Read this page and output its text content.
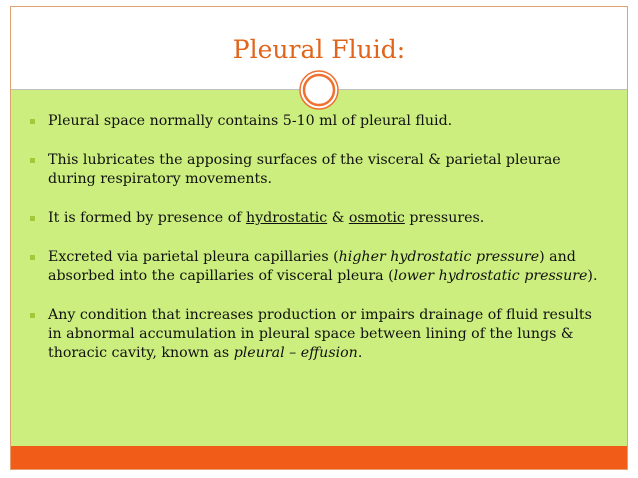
Pleural Fluid:
Pleural space normally contains 5-10 ml of pleural fluid.
This lubricates the apposing surfaces of the visceral & parietal pleurae during respiratory movements.
It is formed by presence of hydrostatic & osmotic pressures.
Excreted via parietal pleura capillaries (higher hydrostatic pressure) and absorbed into the capillaries of visceral pleura (lower hydrostatic pressure).
Any condition that increases production or impairs drainage of fluid results in abnormal accumulation in pleural space between lining of the lungs & thoracic cavity, known as pleural – effusion.
